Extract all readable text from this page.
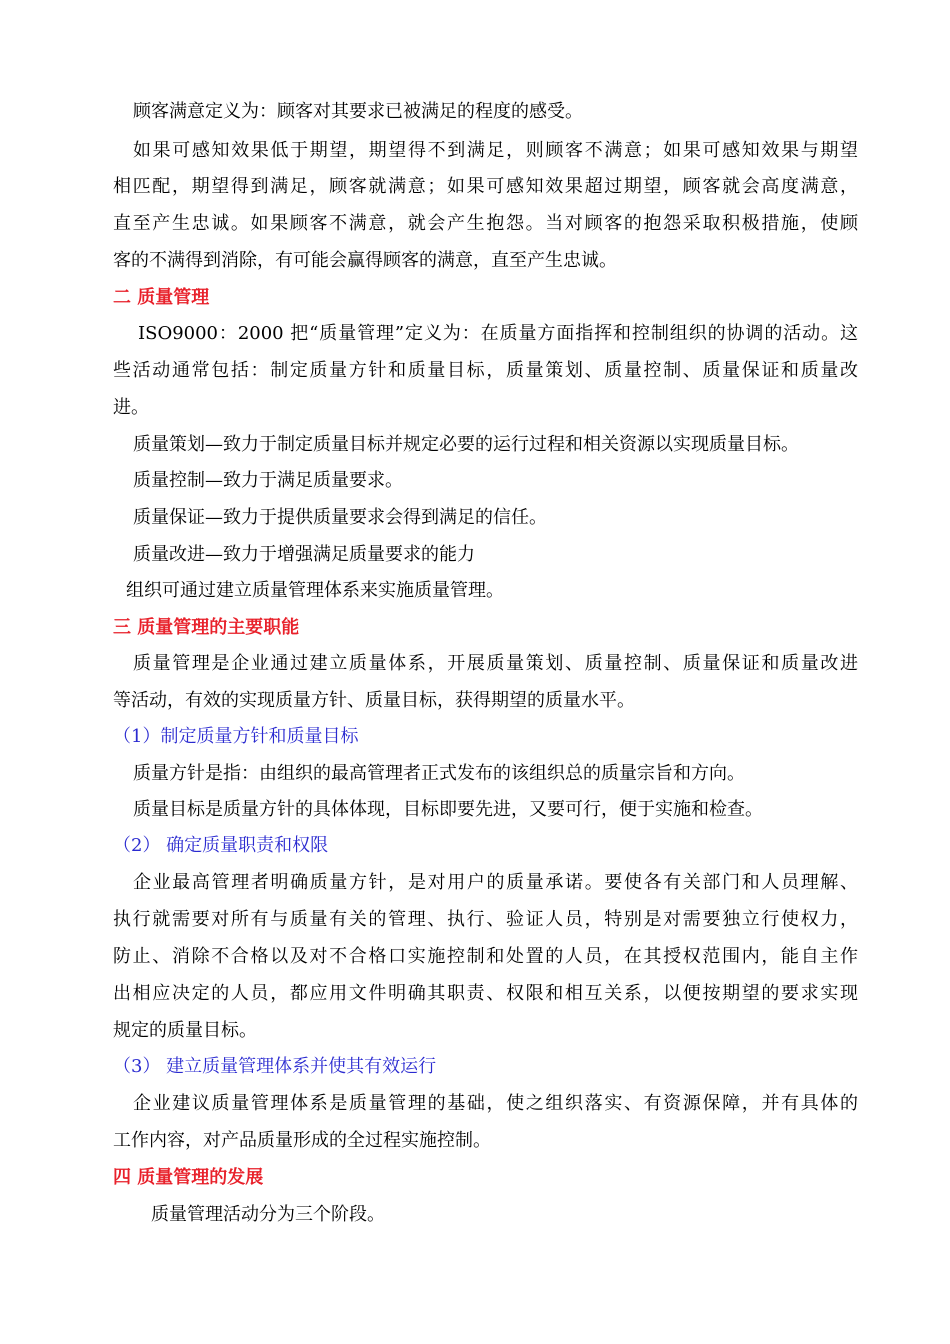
顾客满意定义为：顾客对其要求已被满足的程度的感受。
如果可感知效果低于期望，期望得不到满足，则顾客不满意；如果可感知效果与期望
相匹配，期望得到满足，顾客就满意；如果可感知效果超过期望，顾客就会高度满意，
直至产生忠诚。如果顾客不满意，就会产生抱怨。当对顾客的抱怨采取积极措施，使顾
客的不满得到消除，有可能会赢得顾客的满意，直至产生忠诚。
二 质量管理
ISO9000：2000 把“质量管理”定义为：在质量方面指挥和控制组织的协调的活动。这
些活动通常包括：制定质量方针和质量目标，质量策划、质量控制、质量保证和质量改
进。
质量策划—致力于制定质量目标并规定必要的运行过程和相关资源以实现质量目标。
质量控制—致力于满足质量要求。
质量保证—致力于提供质量要求会得到满足的信任。
质量改进—致力于增强满足质量要求的能力
组织可通过建立质量管理体系来实施质量管理。
三 质量管理的主要职能
质量管理是企业通过建立质量体系，开展质量策划、质量控制、质量保证和质量改进
等活动，有效的实现质量方针、质量目标，获得期望的质量水平。
（1）制定质量方针和质量目标
质量方针是指：由组织的最高管理者正式发布的该组织总的质量宗旨和方向。
质量目标是质量方针的具体体现，目标即要先进，又要可行，便于实施和检查。
（2） 确定质量职责和权限
企业最高管理者明确质量方针，是对用户的质量承诺。要使各有关部门和人员理解、
执行就需要对所有与质量有关的管理、执行、验证人员，特别是对需要独立行使权力，
防止、消除不合格以及对不合格口实施控制和处置的人员，在其授权范围内，能自主作
出相应决定的人员，都应用文件明确其职责、权限和相互关系，以便按期望的要求实现
规定的质量目标。
（3） 建立质量管理体系并使其有效运行
企业建议质量管理体系是质量管理的基础，使之组织落实、有资源保障，并有具体的
工作内容，对产品质量形成的全过程实施控制。
四 质量管理的发展
质量管理活动分为三个阶段。
